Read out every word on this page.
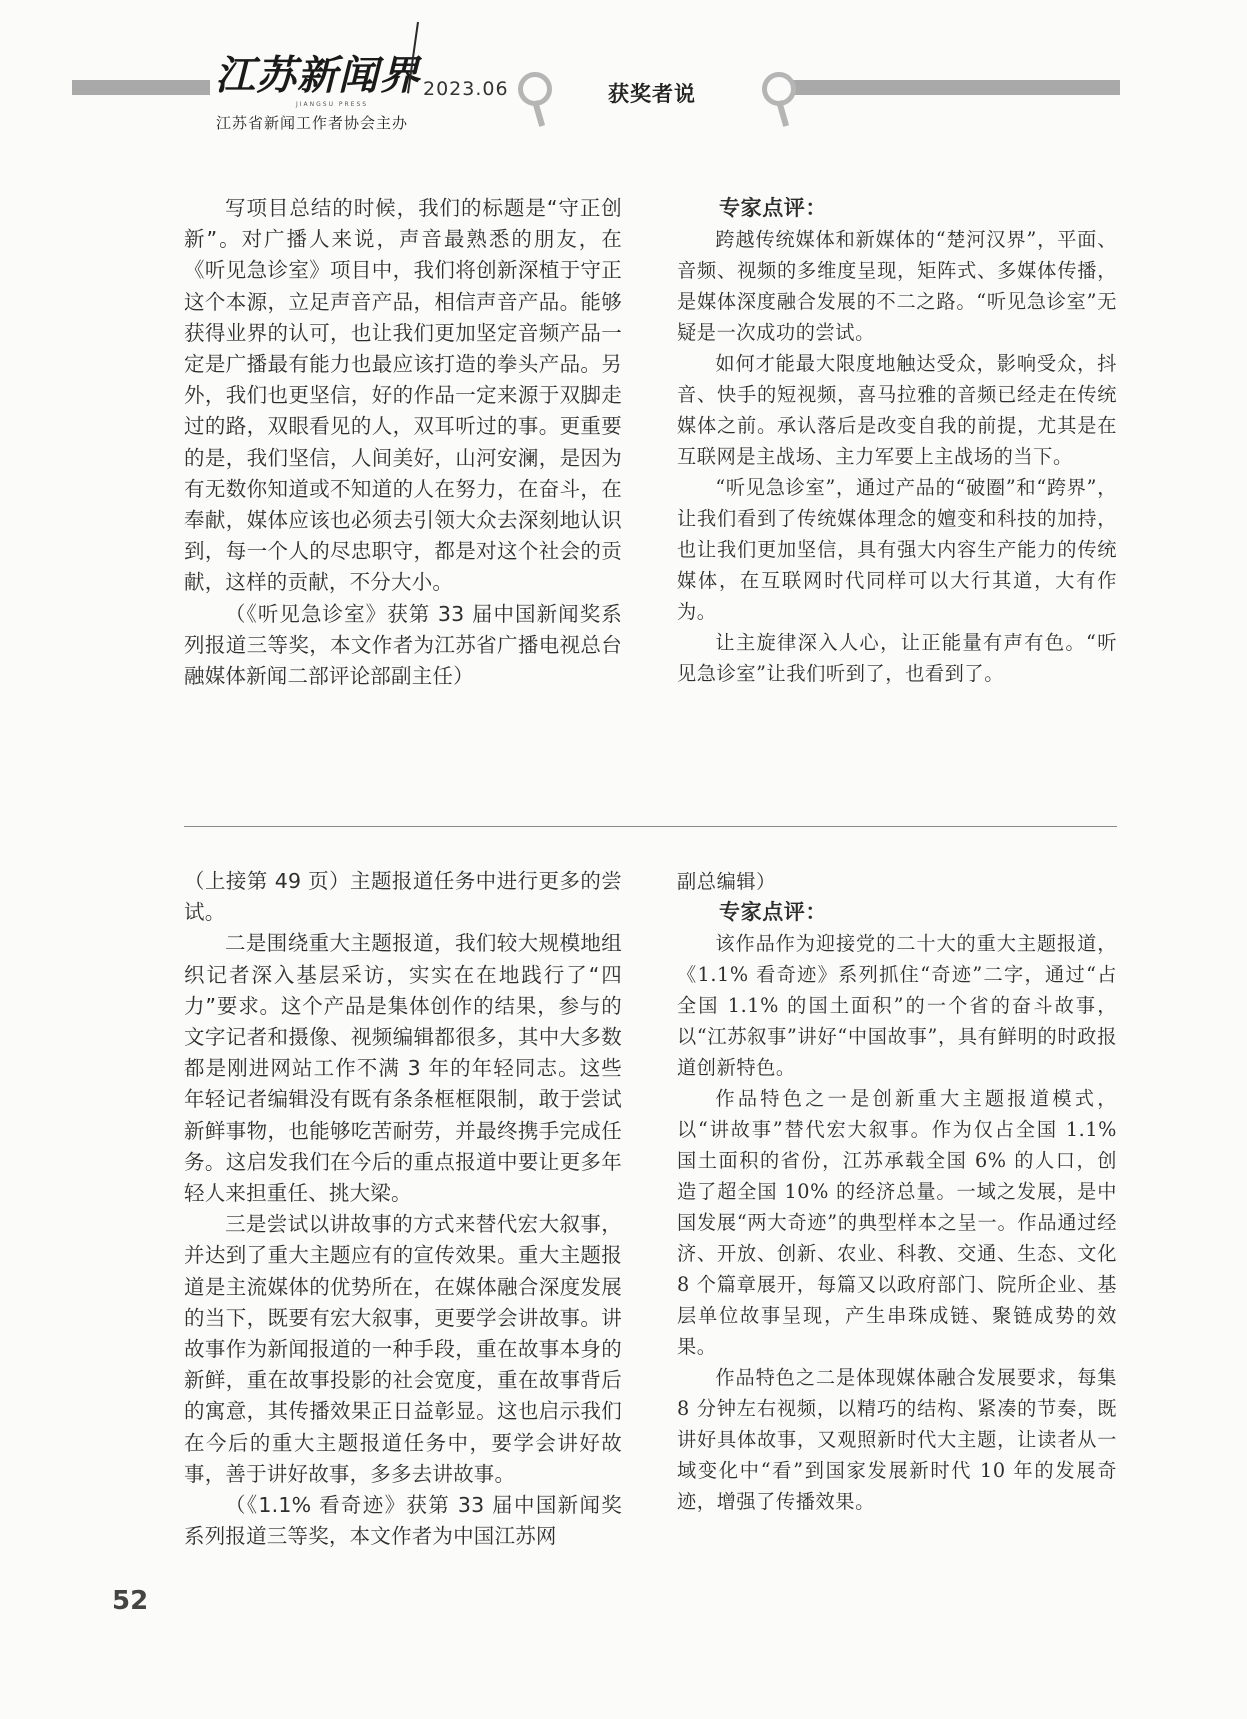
江苏新闻界
JIANGSU PRESS
2023.06
江苏省新闻工作者协会主办
获奖者说

写项目总结的时候，我们的标题是“守正创新”。对广播人来说，声音最熟悉的朋友，在《听见急诊室》项目中，我们将创新深植于守正这个本源，立足声音产品，相信声音产品。能够获得业界的认可，也让我们更加坚定音频产品一定是广播最有能力也最应该打造的拳头产品。另外，我们也更坚信，好的作品一定来源于双脚走过的路，双眼看见的人，双耳听过的事。更重要的是，我们坚信，人间美好，山河安澜，是因为有无数你知道或不知道的人在努力，在奋斗，在奉献，媒体应该也必须去引领大众去深刻地认识到，每一个人的尽忠职守，都是对这个社会的贡献，这样的贡献，不分大小。

（《听见急诊室》获第 33 届中国新闻奖系列报道三等奖，本文作者为江苏省广播电视总台融媒体新闻二部评论部副主任）

专家点评：

跨越传统媒体和新媒体的“楚河汉界”，平面、音频、视频的多维度呈现，矩阵式、多媒体传播，是媒体深度融合发展的不二之路。“听见急诊室”无疑是一次成功的尝试。

如何才能最大限度地触达受众，影响受众，抖音、快手的短视频，喜马拉雅的音频已经走在传统媒体之前。承认落后是改变自我的前提，尤其是在互联网是主战场、主力军要上主战场的当下。

“听见急诊室”，通过产品的“破圈”和“跨界”，让我们看到了传统媒体理念的嬗变和科技的加持，也让我们更加坚信，具有强大内容生产能力的传统媒体，在互联网时代同样可以大行其道，大有作为。

让主旋律深入人心，让正能量有声有色。“听见急诊室”让我们听到了，也看到了。

（上接第 49 页）主题报道任务中进行更多的尝试。

二是围绕重大主题报道，我们较大规模地组织记者深入基层采访，实实在在地践行了“四力”要求。这个产品是集体创作的结果，参与的文字记者和摄像、视频编辑都很多，其中大多数都是刚进网站工作不满 3 年的年轻同志。这些年轻记者编辑没有既有条条框框限制，敢于尝试新鲜事物，也能够吃苦耐劳，并最终携手完成任务。这启发我们在今后的重点报道中要让更多年轻人来担重任、挑大梁。

三是尝试以讲故事的方式来替代宏大叙事，并达到了重大主题应有的宣传效果。重大主题报道是主流媒体的优势所在，在媒体融合深度发展的当下，既要有宏大叙事，更要学会讲故事。讲故事作为新闻报道的一种手段，重在故事本身的新鲜，重在故事投影的社会宽度，重在故事背后的寓意，其传播效果正日益彰显。这也启示我们在今后的重大主题报道任务中，要学会讲好故事，善于讲好故事，多多去讲故事。

（《1.1% 看奇迹》获第 33 届中国新闻奖系列报道三等奖，本文作者为中国江苏网

副总编辑）

专家点评：

该作品作为迎接党的二十大的重大主题报道，《1.1% 看奇迹》系列抓住“奇迹”二字，通过“占全国 1.1% 的国土面积”的一个省的奋斗故事，以“江苏叙事”讲好“中国故事”，具有鲜明的时政报道创新特色。

作品特色之一是创新重大主题报道模式，以“讲故事”替代宏大叙事。作为仅占全国 1.1% 国土面积的省份，江苏承载全国 6% 的人口，创造了超全国 10% 的经济总量。一域之发展，是中国发展“两大奇迹”的典型样本之呈一。作品通过经济、开放、创新、农业、科教、交通、生态、文化 8 个篇章展开，每篇又以政府部门、院所企业、基层单位故事呈现，产生串珠成链、聚链成势的效果。

作品特色之二是体现媒体融合发展要求，每集 8 分钟左右视频，以精巧的结构、紧凑的节奏，既讲好具体故事，又观照新时代大主题，让读者从一域变化中“看”到国家发展新时代 10 年的发展奇迹，增强了传播效果。

52
